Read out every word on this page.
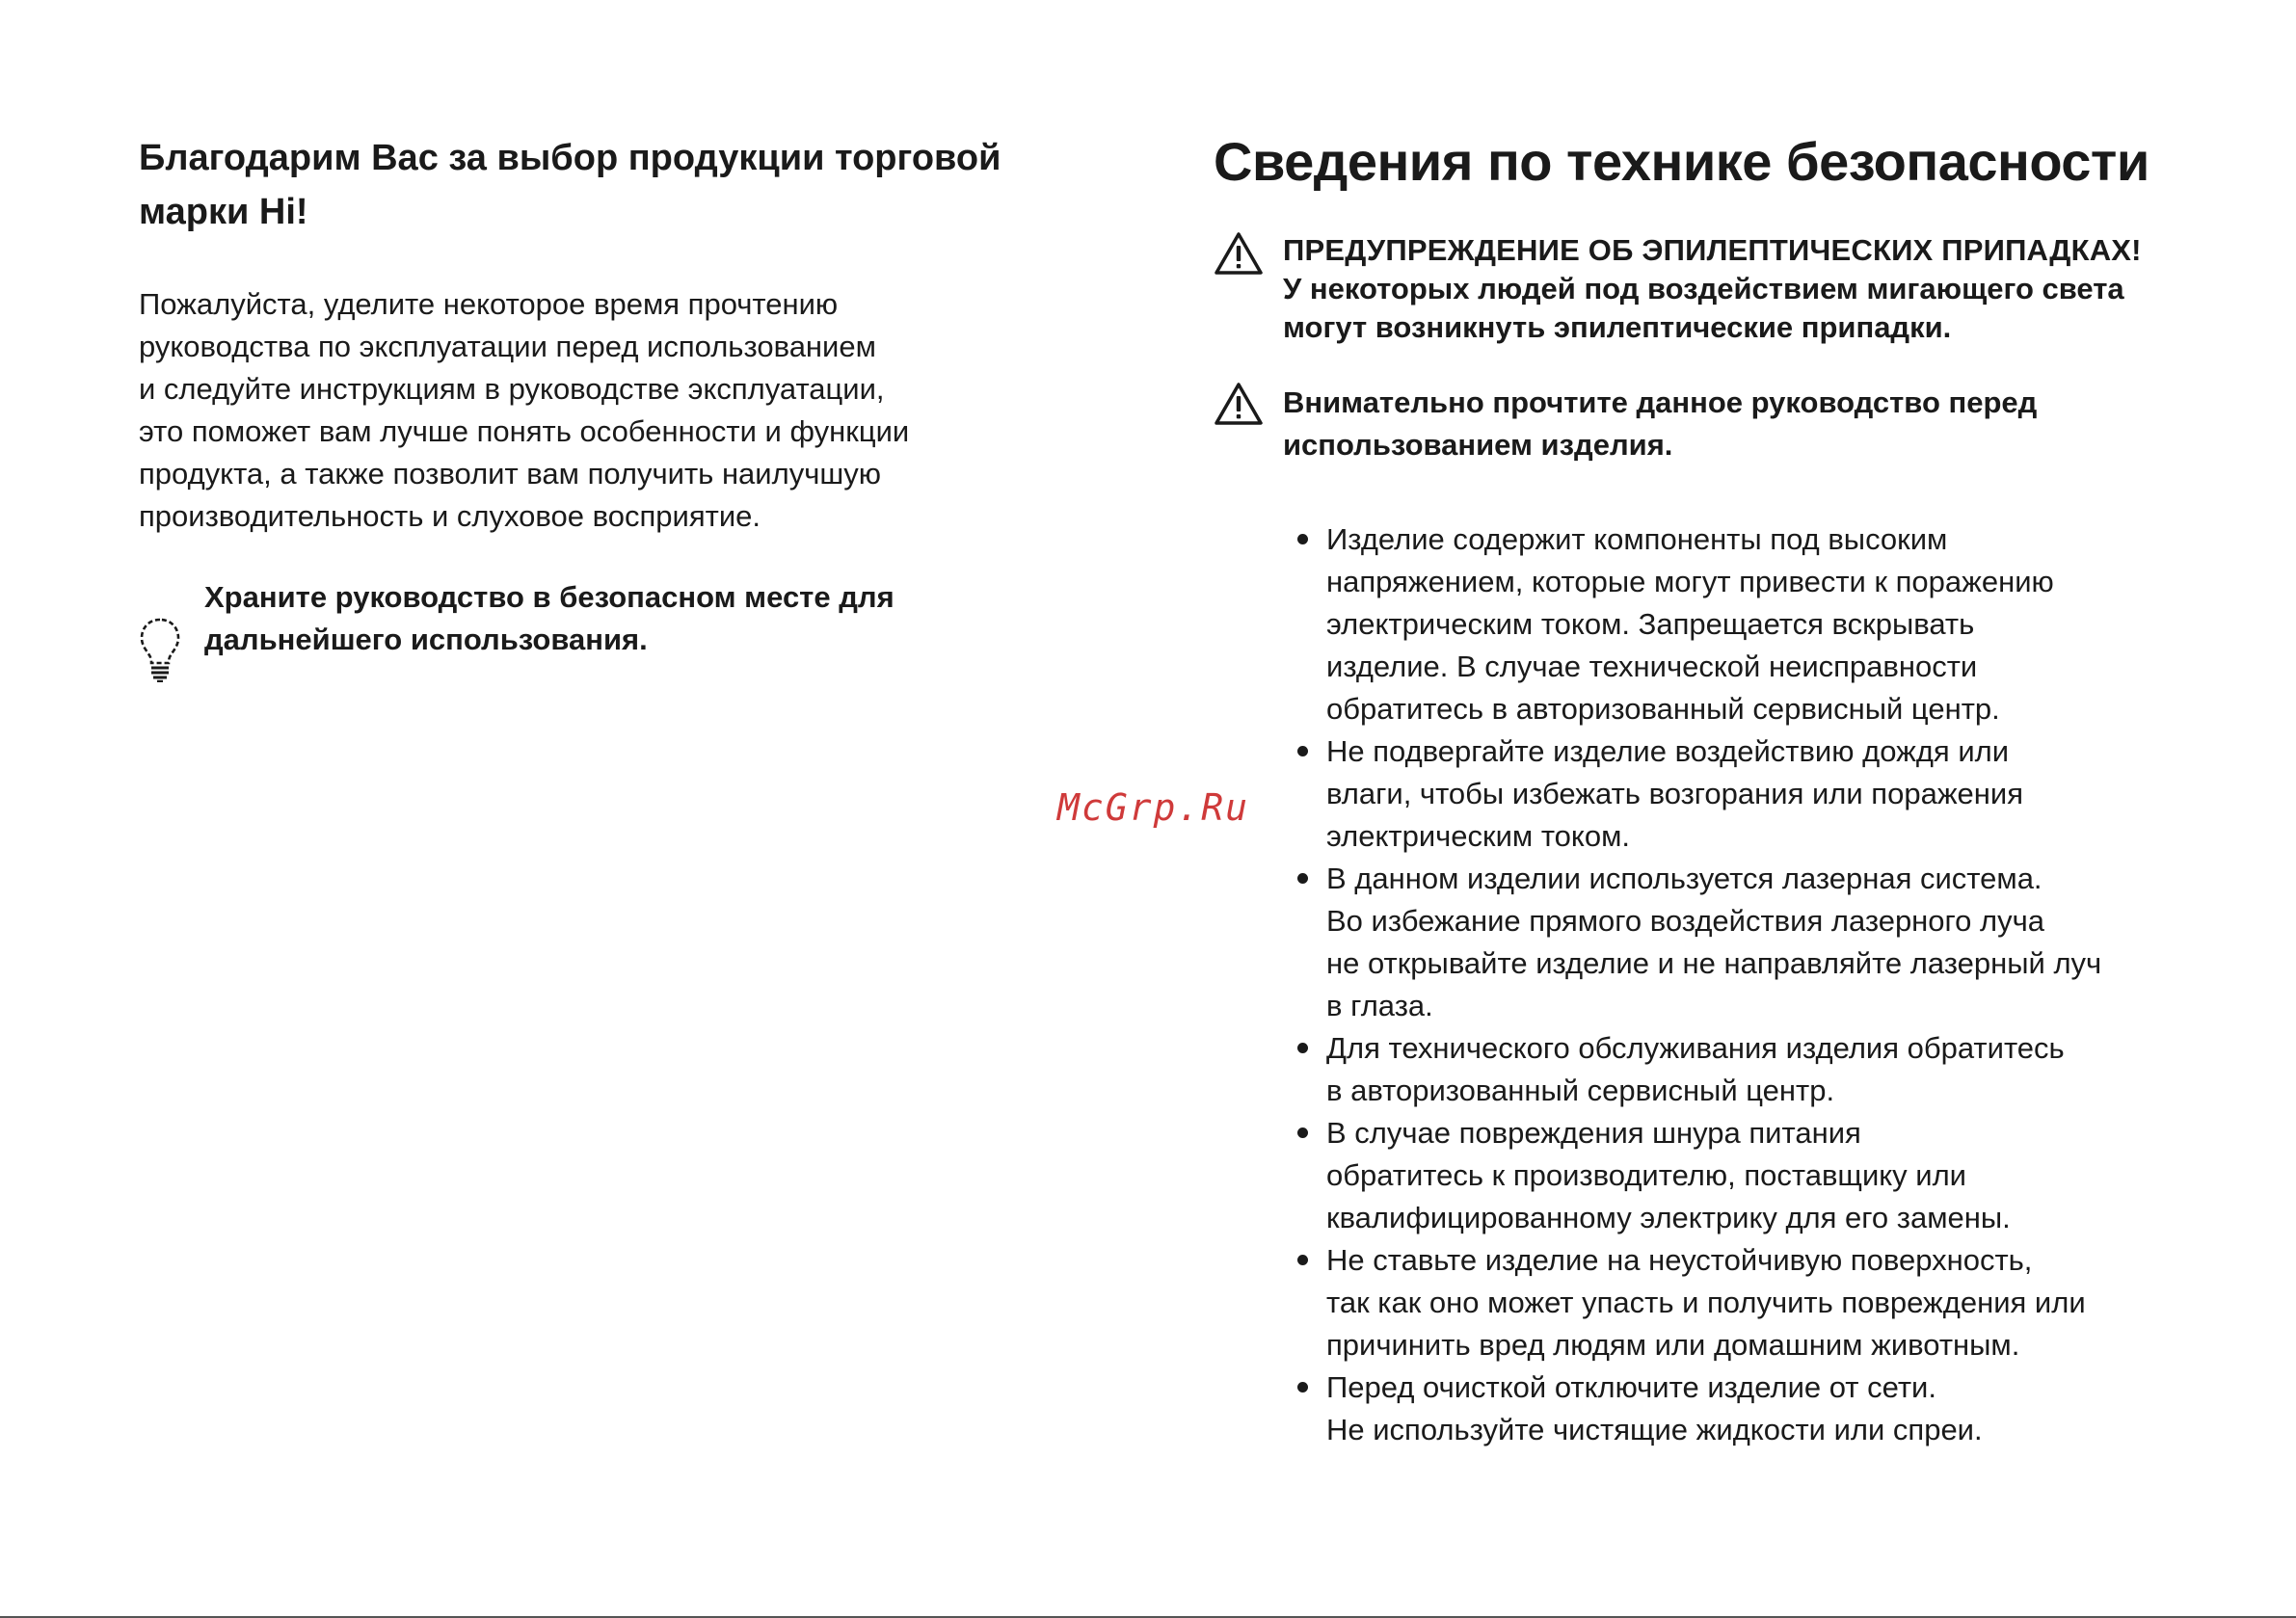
Благодарим Вас за выбор продукции торговой
марки Hi!
Пожалуйста, уделите некоторое время прочтению
руководства по эксплуатации перед использованием
и следуйте инструкциям в руководстве эксплуатации,
это поможет вам лучше понять особенности и функции
продукта, а также позволит вам получить наилучшую
производительность и слуховое восприятие.
Храните руководство в безопасном месте для
дальнейшего использования.
McGrp.Ru
Сведения по технике безопасности
ПРЕДУПРЕЖДЕНИЕ ОБ ЭПИЛЕПТИЧЕСКИХ ПРИПАДКАХ!
У некоторых людей под воздействием мигающего света
могут возникнуть эпилептические припадки.
Внимательно прочтите данное руководство перед
использованием изделия.
Изделие содержит компоненты под высоким
напряжением, которые могут привести к поражению
электрическим током. Запрещается вскрывать
изделие. В случае технической неисправности
обратитесь в авторизованный сервисный центр.
Не подвергайте изделие воздействию дождя или
влаги, чтобы избежать возгорания или поражения
электрическим током.
В данном изделии используется лазерная система.
Во избежание прямого воздействия лазерного луча
не открывайте изделие и не направляйте лазерный луч
в глаза.
Для технического обслуживания изделия обратитесь
в авторизованный сервисный центр.
В случае повреждения шнура питания
обратитесь к производителю, поставщику или
квалифицированному электрику для его замены.
Не ставьте изделие на неустойчивую поверхность,
так как оно может упасть и получить повреждения или
причинить вред людям или домашним животным.
Перед очисткой отключите изделие от сети.
Не используйте чистящие жидкости или спреи.
